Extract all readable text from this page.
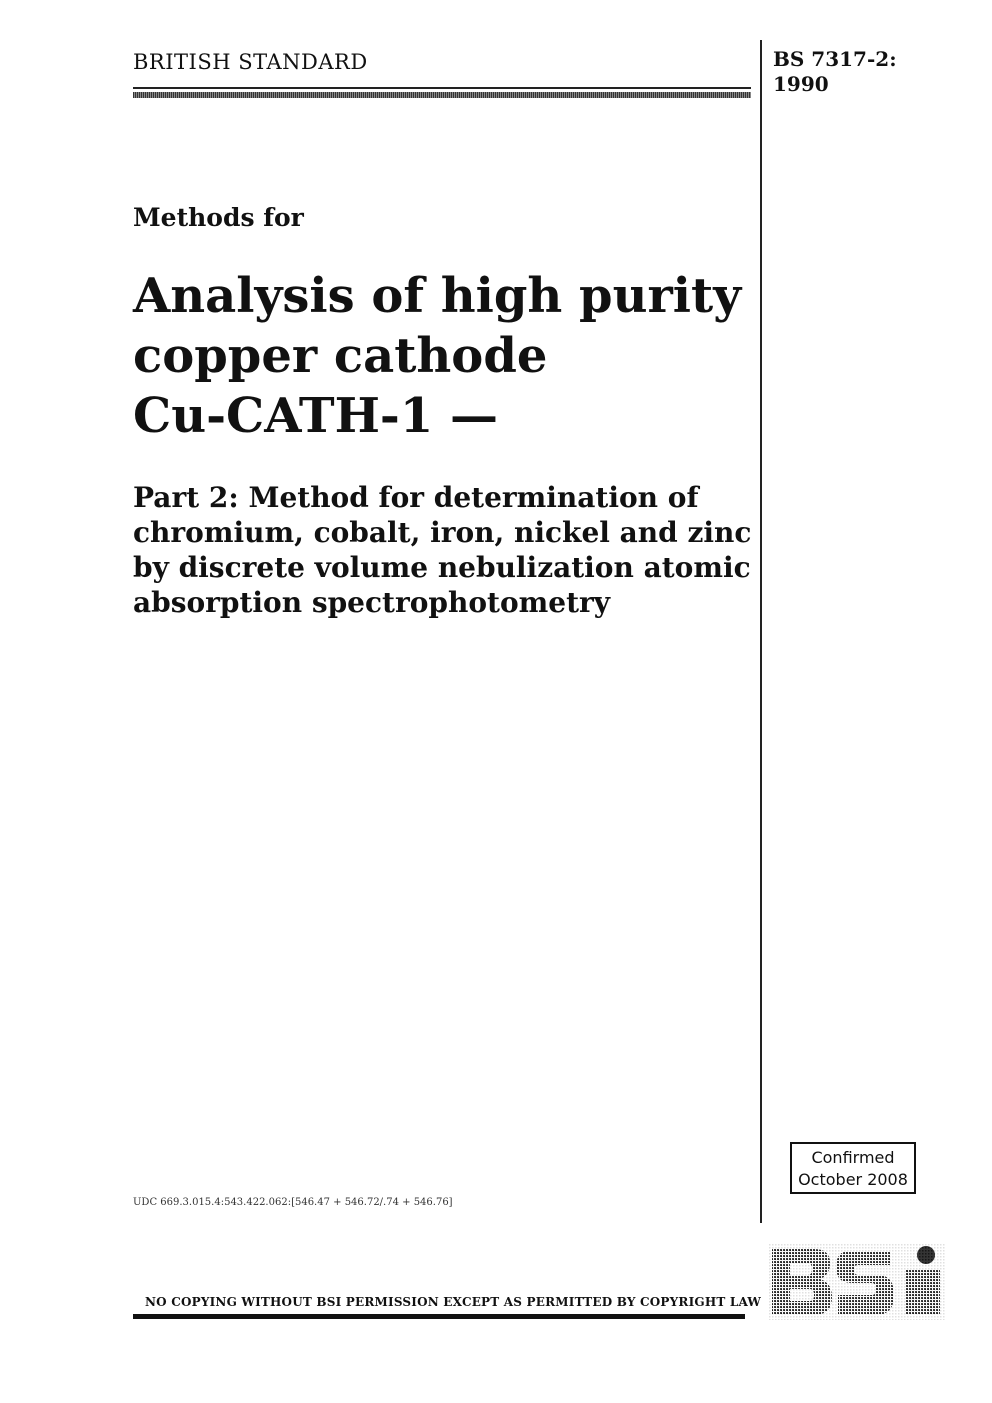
BRITISH STANDARD	BS 7317-2:
1990
Methods for
Analysis of high purity
copper cathode
Cu-CATH-1 —
Part 2: Method for determination of
chromium, cobalt, iron, nickel and zinc
by discrete volume nebulization atomic
absorption spectrophotometry
Confirmed
October 2008
UDC 669.3.015.4:543.422.062:[546.47 + 546.72/.74 + 546.76]
NO COPYING WITHOUT BSI PERMISSION EXCEPT AS PERMITTED BY COPYRIGHT LAW
